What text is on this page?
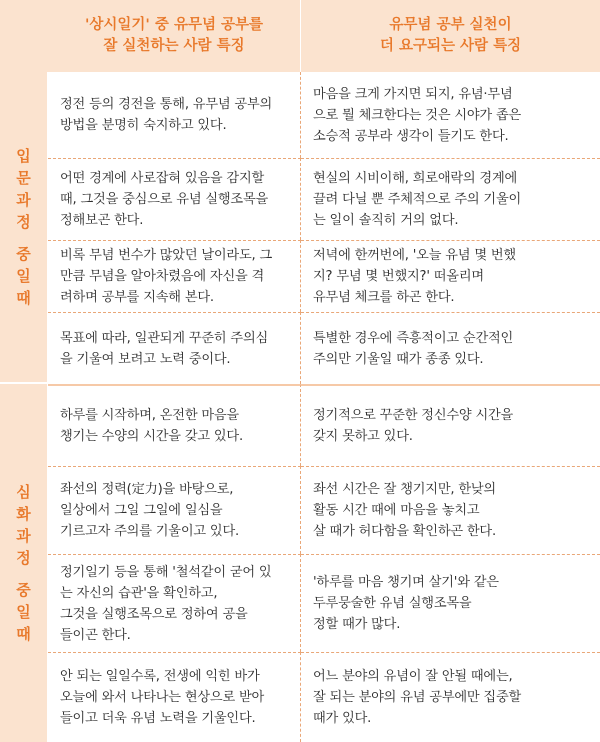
'상시일기' 중 유무념 공부를
잘 실천하는 사람 특징
유무념 공부 실천이
더 요구되는 사람 특징
입
문
과
정
중
일
때
정전 등의 경전을 통해, 유무념 공부의
방법을 분명히 숙지하고 있다.
마음을 크게 가지면 되지, 유념·무념
으로 뭘 체크한다는 것은 시야가 좁은
소승적 공부라 생각이 들기도 한다.
어떤 경계에 사로잡혀 있음을 감지할
때, 그것을 중심으로 유념 실행조목을
정해보곤 한다.
현실의 시비이해, 희로애락의 경계에
끌려 다닐 뿐 주체적으로 주의 기울이
는 일이 솔직히 거의 없다.
비록 무념 번수가 많았던 날이라도, 그
만큼 무념을 알아차렸음에 자신을 격
려하며 공부를 지속해 본다.
저녁에 한꺼번에, '오늘 유념 몇 번했
지? 무념 몇 번했지?' 떠올리며
유무념 체크를 하곤 한다.
목표에 따라, 일관되게 꾸준히 주의심
을 기울여 보려고 노력 중이다.
특별한 경우에 즉흥적이고 순간적인
주의만 기울일 때가 종종 있다.
심
화
과
정
중
일
때
하루를 시작하며, 온전한 마음을
챙기는 수양의 시간을 갖고 있다.
정기적으로 꾸준한 정신수양 시간을
갖지 못하고 있다.
좌선의 정력(定力)을 바탕으로,
일상에서 그일 그일에 일심을
기르고자 주의를 기울이고 있다.
좌선 시간은 잘 챙기지만, 한낮의
활동 시간 때에 마음을 놓치고
살 때가 허다함을 확인하곤 한다.
정기일기 등을 통해 '철석같이 굳어 있
는 자신의 습관'을 확인하고,
그것을 실행조목으로 정하여 공을
들이곤 한다.
'하루를 마음 챙기며 살기'와 같은
두루뭉술한 유념 실행조목을
정할 때가 많다.
안 되는 일일수록, 전생에 익힌 바가
오늘에 와서 나타나는 현상으로 받아
들이고 더욱 유념 노력을 기울인다.
어느 분야의 유념이 잘 안될 때에는,
잘 되는 분야의 유념 공부에만 집중할
때가 있다.
